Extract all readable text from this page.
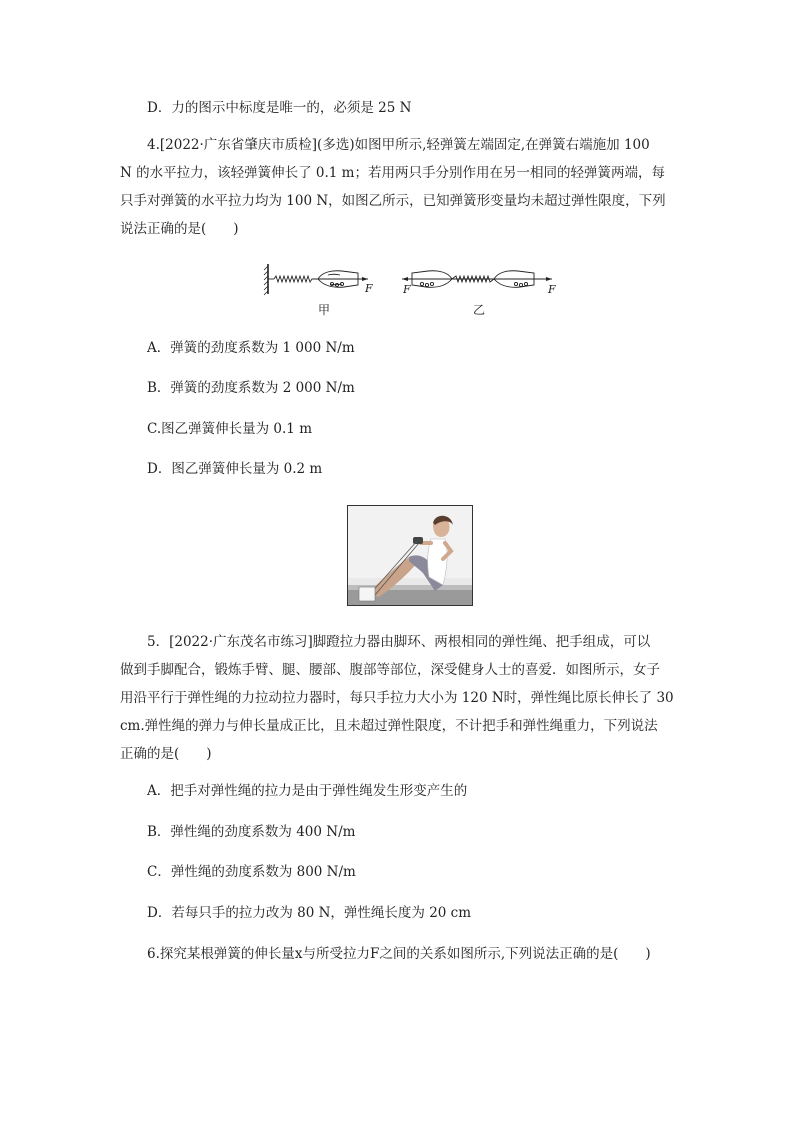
D．力的图示中标度是唯一的，必须是 25 N
4.[2022·广东省肇庆市质检](多选)如图甲所示,轻弹簧左端固定,在弹簧右端施加 100
N 的水平拉力，该轻弹簧伸长了 0.1 m；若用两只手分别作用在另一相同的轻弹簧两端，每
只手对弹簧的水平拉力均为 100 N，如图乙所示，已知弹簧形变量均未超过弹性限度，下列
说法正确的是(　　)
F	F	F
甲	乙
A．弹簧的劲度系数为 1 000 N/m
B．弹簧的劲度系数为 2 000 N/m
C.图乙弹簧伸长量为 0.1 m
D．图乙弹簧伸长量为 0.2 m
5．[2022·广东茂名市练习]脚蹬拉力器由脚环、两根相同的弹性绳、把手组成，可以
做到手脚配合，锻炼手臂、腿、腰部、腹部等部位，深受健身人士的喜爱．如图所示，女子
用沿平行于弹性绳的力拉动拉力器时，每只手拉力大小为 120 N时，弹性绳比原长伸长了 30
cm.弹性绳的弹力与伸长量成正比，且未超过弹性限度，不计把手和弹性绳重力，下列说法
正确的是(　　)
A．把手对弹性绳的拉力是由于弹性绳发生形变产生的
B．弹性绳的劲度系数为 400 N/m
C．弹性绳的劲度系数为 800 N/m
D．若每只手的拉力改为 80 N，弹性绳长度为 20 cm
6.探究某根弹簧的伸长量x与所受拉力F之间的关系如图所示,下列说法正确的是(　　)
